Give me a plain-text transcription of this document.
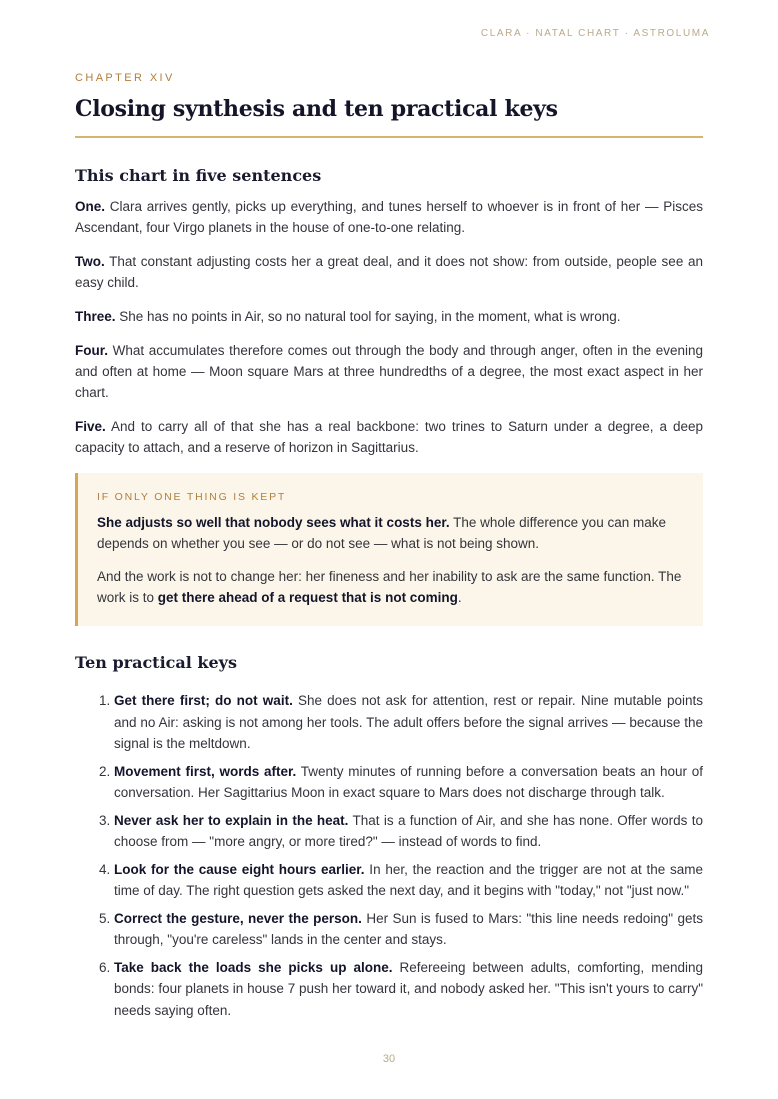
CLARA · NATAL CHART · ASTROLUMA
CHAPTER XIV
Closing synthesis and ten practical keys
This chart in five sentences

One. Clara arrives gently, picks up everything, and tunes herself to whoever is in front of her — Pisces Ascendant, four Virgo planets in the house of one-to-one relating.

Two. That constant adjusting costs her a great deal, and it does not show: from outside, people see an easy child.

Three. She has no points in Air, so no natural tool for saying, in the moment, what is wrong.

Four. What accumulates therefore comes out through the body and through anger, often in the evening and often at home — Moon square Mars at three hundredths of a degree, the most exact aspect in her chart.

Five. And to carry all of that she has a real backbone: two trines to Saturn under a degree, a deep capacity to attach, and a reserve of horizon in Sagittarius.

IF ONLY ONE THING IS KEPT

She adjusts so well that nobody sees what it costs her. The whole difference you can make depends on whether you see — or do not see — what is not being shown.

And the work is not to change her: her fineness and her inability to ask are the same function. The work is to get there ahead of a request that is not coming.

Ten practical keys
1. Get there first; do not wait. She does not ask for attention, rest or repair. Nine mutable points and no Air: asking is not among her tools. The adult offers before the signal arrives — because the signal is the meltdown.
2. Movement first, words after. Twenty minutes of running before a conversation beats an hour of conversation. Her Sagittarius Moon in exact square to Mars does not discharge through talk.
3. Never ask her to explain in the heat. That is a function of Air, and she has none. Offer words to choose from — "more angry, or more tired?" — instead of words to find.
4. Look for the cause eight hours earlier. In her, the reaction and the trigger are not at the same time of day. The right question gets asked the next day, and it begins with "today," not "just now."
5. Correct the gesture, never the person. Her Sun is fused to Mars: "this line needs redoing" gets through, "you're careless" lands in the center and stays.
6. Take back the loads she picks up alone. Refereeing between adults, comforting, mending bonds: four planets in house 7 push her toward it, and nobody asked her. "This isn't yours to carry" needs saying often.
30
